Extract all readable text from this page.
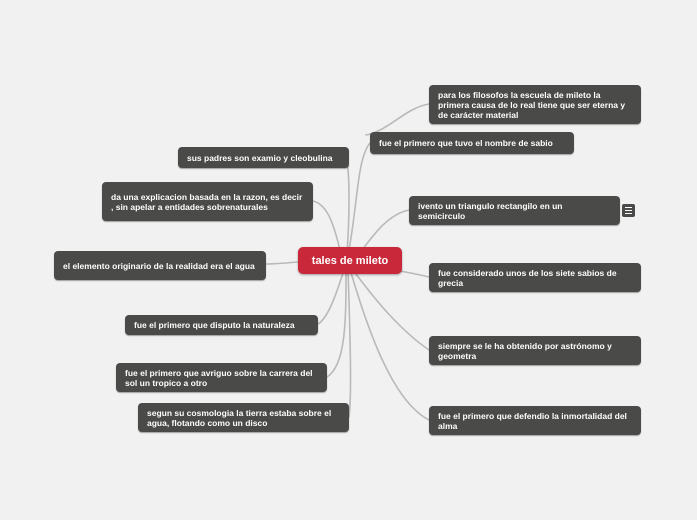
tales de mileto
fue el primero que tuvo el nombre de sabio
para los filosofos la escuela de mileto la primera causa de lo real tiene que ser eterna y de carácter material
ivento un triangulo rectangilo en un semicirculo
fue considerado unos de los siete sabios de grecia
siempre se le ha obtenido por astrónomo y geometra
fue el primero que defendio la inmortalidad del alma
sus padres son examio y cleobulina
da una explicacion basada en la razon, es decir , sin apelar a entidades sobrenaturales
el elemento originario de la realidad era el agua
fue el primero que disputo la naturaleza
fue el primero que avriguo sobre la carrera del sol un tropico a otro
segun su cosmologia la tierra estaba sobre el agua, flotando como un disco
